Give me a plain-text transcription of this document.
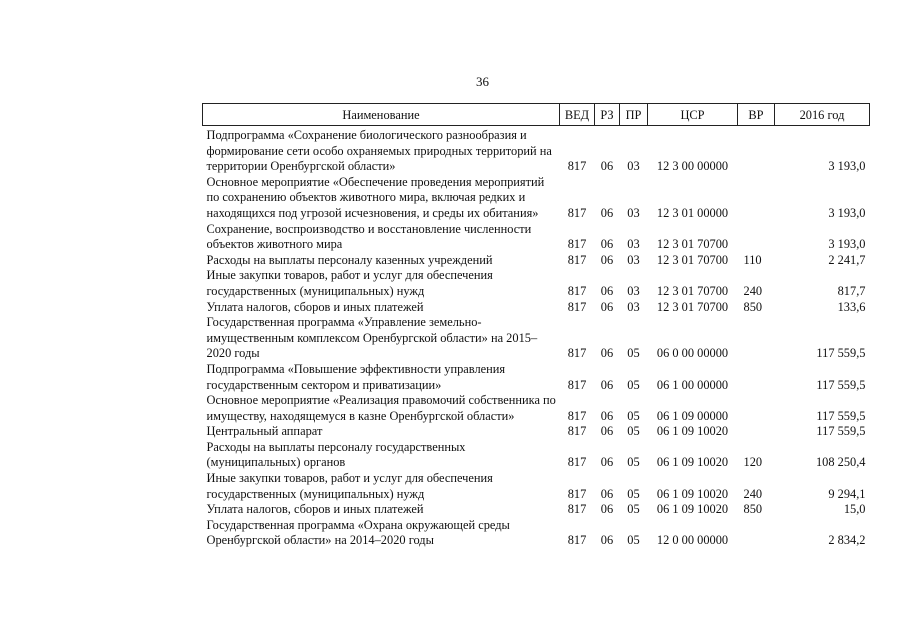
36
Наименование	ВЕД	РЗ	ПР	ЦСР	ВР	2016 год
Подпрограмма «Сохранение биологического разнообразия и формирование сети особо охраняемых природных территорий на территории Оренбургской области»	817	06	03	12 3 00 00000		3 193,0
Основное мероприятие «Обеспечение проведения мероприятий по сохранению объектов животного мира, включая редких и находящихся под угрозой исчезновения, и среды их обитания»	817	06	03	12 3 01 00000		3 193,0
Сохранение, воспроизводство и восстановление численности объектов животного мира	817	06	03	12 3 01 70700		3 193,0
Расходы на выплаты персоналу казенных учреждений	817	06	03	12 3 01 70700	110	2 241,7
Иные закупки товаров, работ и услуг для обеспечения государственных (муниципальных) нужд	817	06	03	12 3 01 70700	240	817,7
Уплата налогов, сборов и иных платежей	817	06	03	12 3 01 70700	850	133,6
Государственная программа «Управление земельно-имущественным комплексом Оренбургской области» на 2015–2020 годы	817	06	05	06 0 00 00000		117 559,5
Подпрограмма «Повышение эффективности управления государственным сектором и приватизации»	817	06	05	06 1 00 00000		117 559,5
Основное мероприятие «Реализация правомочий собственника по имуществу, находящемуся в казне Оренбургской области»	817	06	05	06 1 09 00000		117 559,5
Центральный аппарат	817	06	05	06 1 09 10020		117 559,5
Расходы на выплаты персоналу государственных (муниципальных) органов	817	06	05	06 1 09 10020	120	108 250,4
Иные закупки товаров, работ и услуг для обеспечения государственных (муниципальных) нужд	817	06	05	06 1 09 10020	240	9 294,1
Уплата налогов, сборов и иных платежей	817	06	05	06 1 09 10020	850	15,0
Государственная программа «Охрана окружающей среды Оренбургской области» на 2014–2020 годы	817	06	05	12 0 00 00000		2 834,2
